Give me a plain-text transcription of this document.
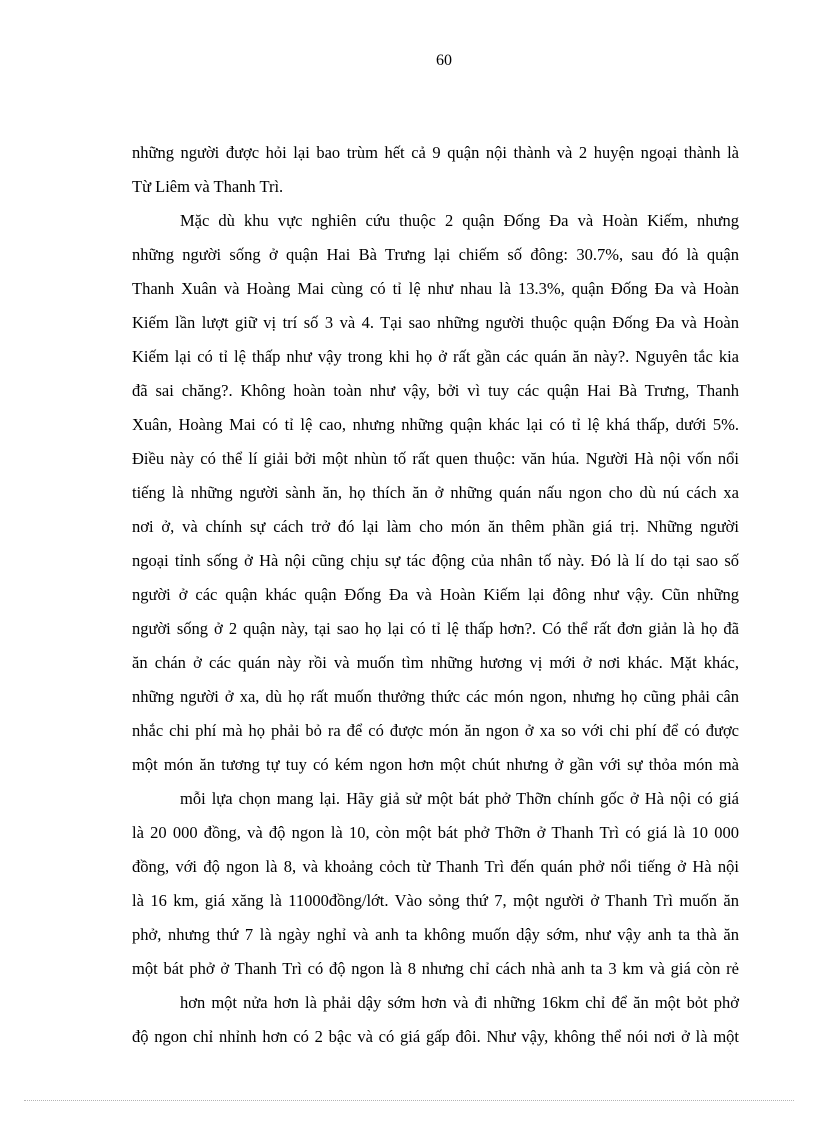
60
những người được hỏi lại bao trùm hết cả 9 quận nội thành và 2 huyện ngoại thành là
Từ Liêm và Thanh Trì.
Mặc dù khu vực nghiên cứu thuộc 2 quận Đống Đa và Hoàn Kiếm, nhưng
những người sống ở quận Hai Bà Trưng lại chiếm số đông: 30.7%, sau đó là quận
Thanh Xuân và Hoàng Mai cùng có tỉ lệ như nhau là 13.3%, quận Đống Đa và Hoàn
Kiếm lần lượt giữ vị trí số 3 và 4. Tại sao những người thuộc quận Đống Đa và Hoàn
Kiếm lại có tỉ lệ thấp như vậy trong khi họ ở rất gần các quán ăn này?. Nguyên tắc kia
đã sai chăng?. Không hoàn toàn như vậy, bởi vì tuy các quận Hai Bà Trưng, Thanh
Xuân, Hoàng Mai có tỉ lệ cao, nhưng những quận khác lại có tỉ lệ khá thấp, dưới 5%.
Điều này có thể lí giải bởi một nhùn tố rất quen thuộc: văn húa. Người Hà nội vốn nổi
tiếng là những người sành ăn, họ thích ăn ở những quán nấu ngon cho dù nú cách xa
nơi ở, và chính sự cách trở đó lại làm cho món ăn thêm phần giá trị. Những người
ngoại tỉnh sống ở Hà nội cũng chịu sự tác động của nhân tố này. Đó là lí do tại sao số
người ở các quận khác quận Đống Đa và Hoàn Kiếm lại đông như vậy. Cũn những
người sống ở 2 quận này, tại sao họ lại có tỉ lệ thấp hơn?. Có thể rất đơn giản là họ đã
ăn chán ở các quán này rồi và muốn tìm những hương vị mới ở nơi khác. Mặt khác,
những người ở xa, dù họ rất muốn thưởng thức các món ngon, nhưng họ cũng phải cân
nhắc chi phí mà họ phải bỏ ra để có được món ăn ngon ở xa so với chi phí để có được
một món ăn tương tự tuy có kém ngon hơn một chút nhưng ở gần với sự thỏa món mà
mỗi lựa chọn mang lại. Hãy giả sử một bát phở Thỡn chính gốc ở Hà nội có giá
là 20 000 đồng, và độ ngon là 10, còn một bát phở Thỡn ở Thanh Trì có giá là 10 000
đồng, với độ ngon là 8, và khoảng cỏch từ Thanh Trì đến quán phở nổi tiếng ở Hà nội
là 16 km, giá xăng là 11000đồng/lớt. Vào sỏng thứ 7, một người ở Thanh Trì muốn ăn
phở, nhưng thứ 7 là ngày nghỉ và anh ta không muốn dậy sớm, như vậy anh ta thà ăn
một bát phở ở Thanh Trì có độ ngon là 8 nhưng chỉ cách nhà anh ta 3 km và giá còn rẻ
hơn một nửa hơn là phải dậy sớm hơn và đi những 16km chỉ để ăn một bỏt phở
độ ngon chỉ nhỉnh hơn có 2 bậc và có giá gấp đôi. Như vậy, không thể nói nơi ở là một
